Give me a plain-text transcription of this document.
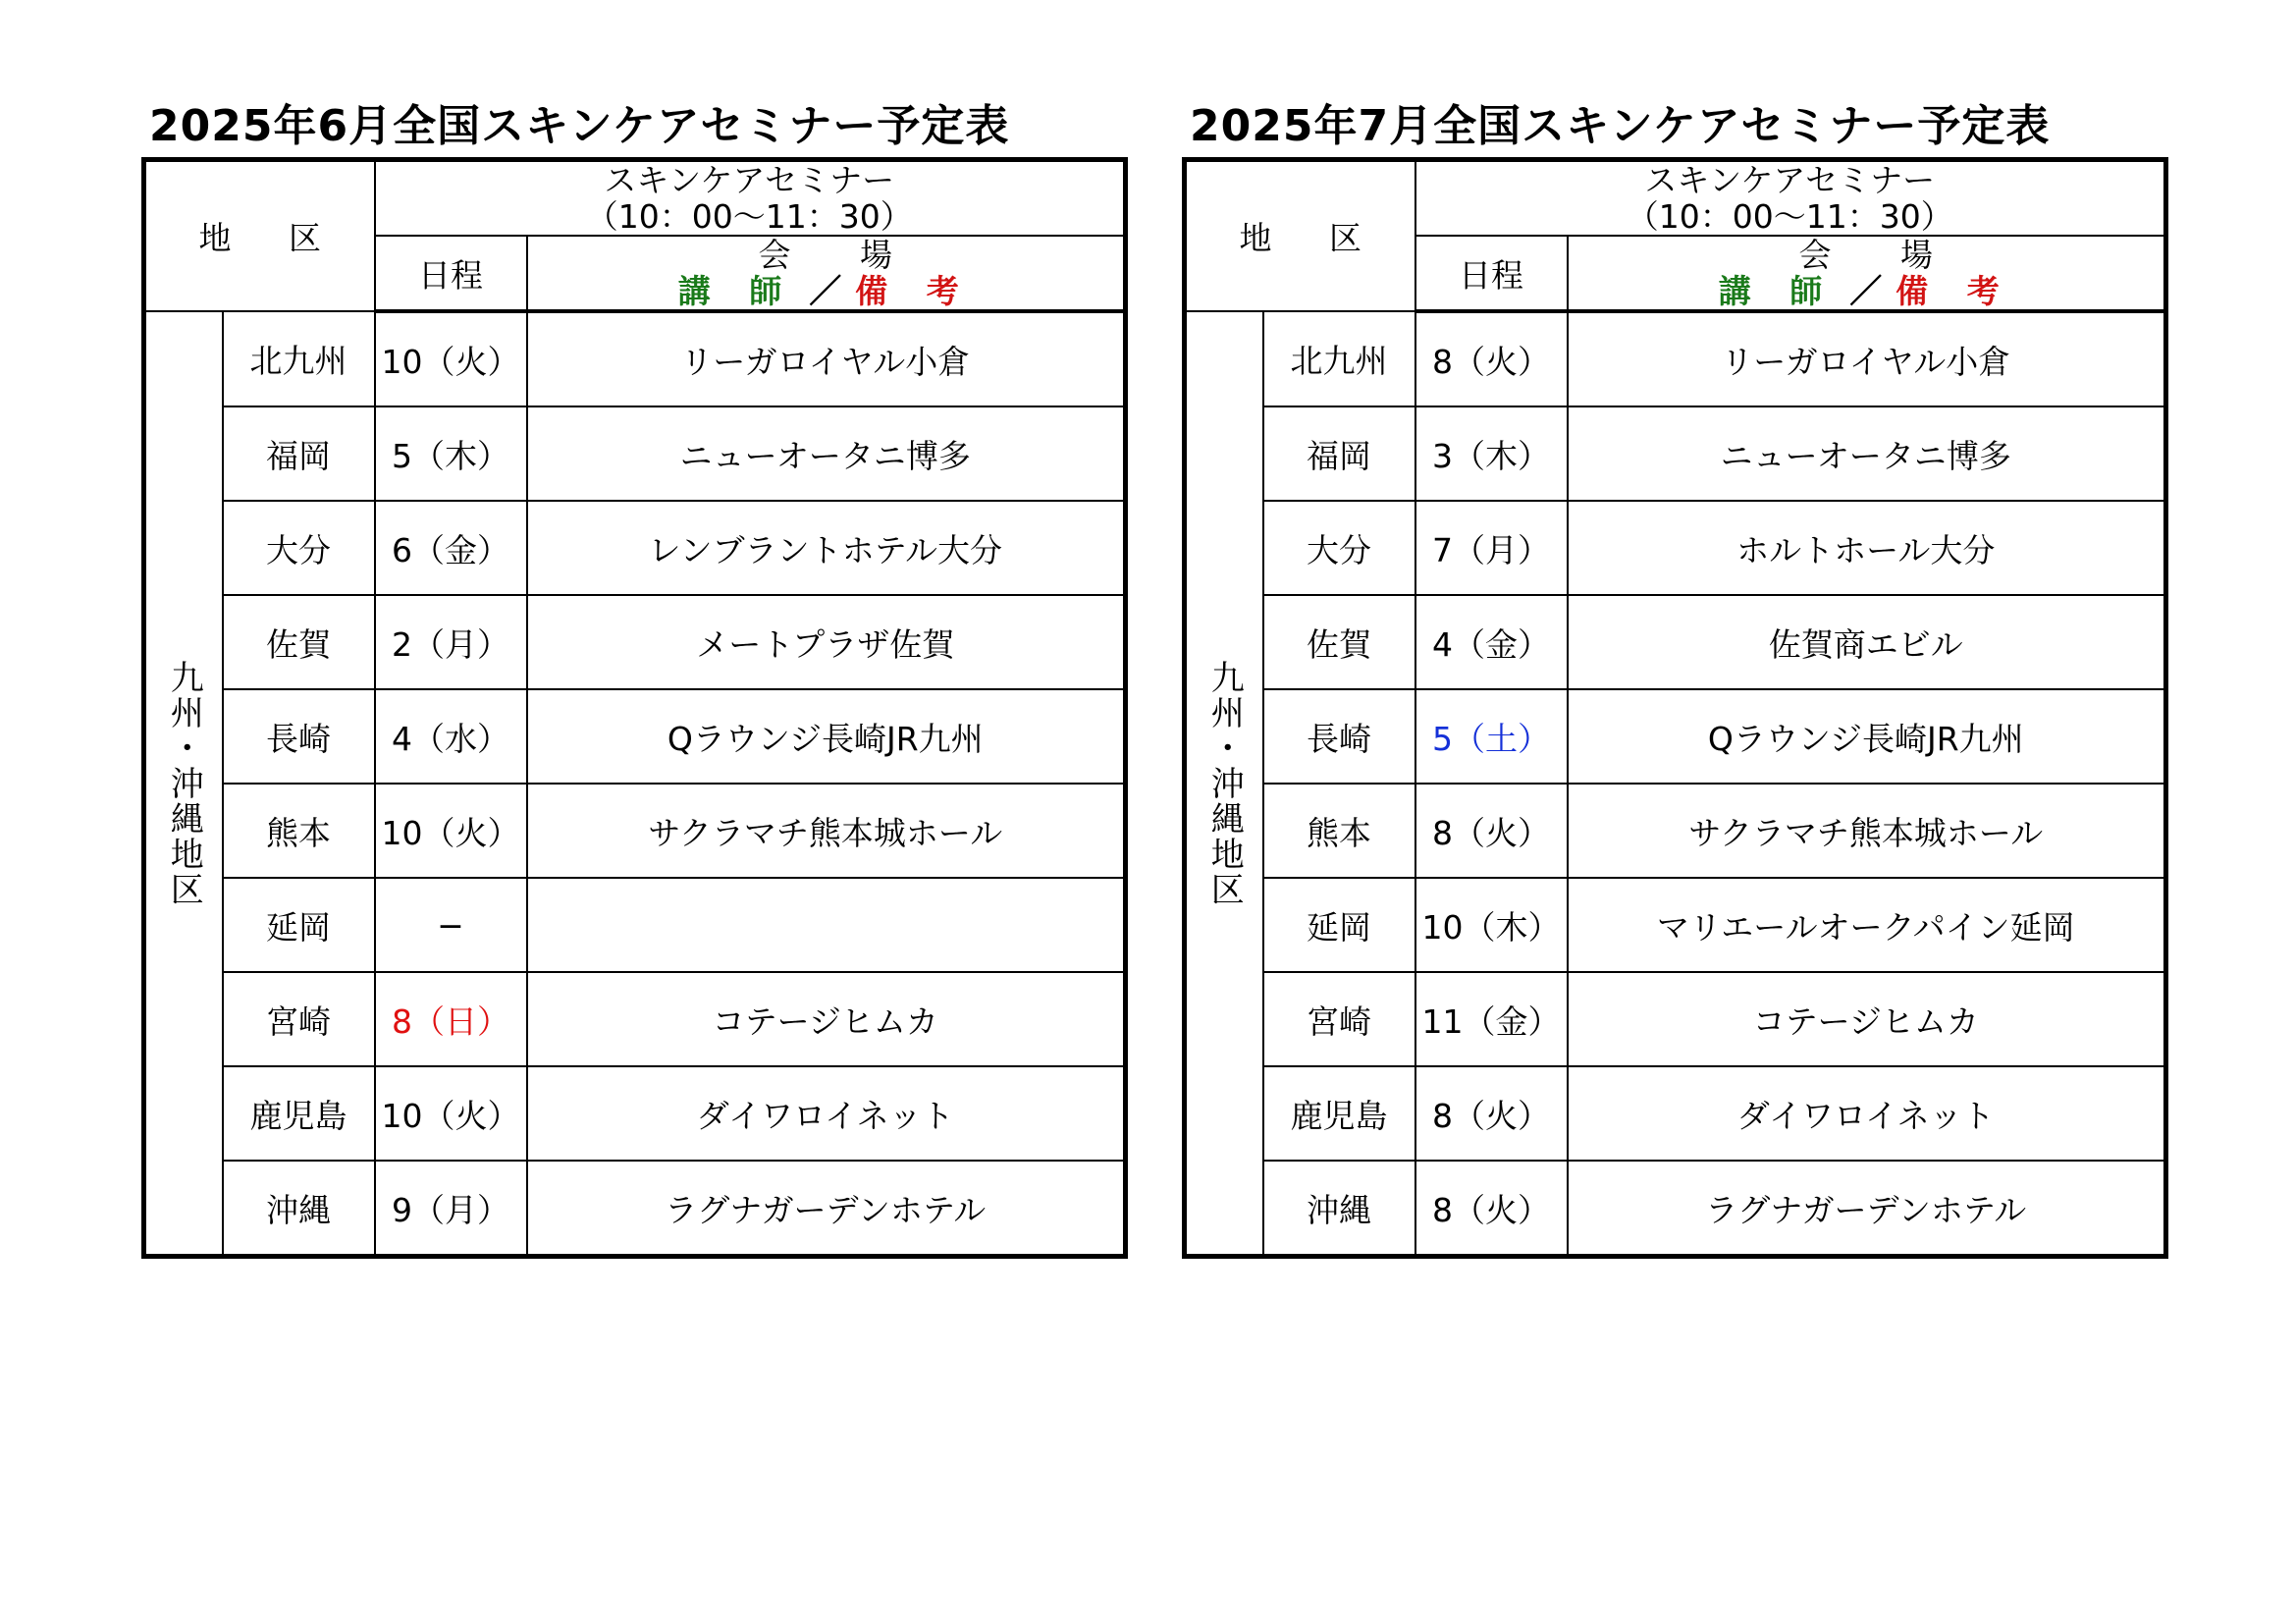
2025年6月全国スキンケアセミナー予定表
地 区		スキンケアセミナー
（10：00〜11：30）	

		日程	会 場
講 師 ／ 備 考

九州・沖縄地区	北九州	10（火）	リーガロイヤル小倉
	福岡	5（木）	ニューオータニ博多
	大分	6（金）	レンブラントホテル大分
	佐賀	2（月）	メートプラザ佐賀
	長崎	4（水）	Qラウンジ長崎JR九州
	熊本	10（火）	サクラマチ熊本城ホール
	延岡	−	
	宮崎	8（日）	コテージヒムカ
	鹿児島	10（火）	ダイワロイネット
	沖縄	9（月）	ラグナガーデンホテル
2025年7月全国スキンケアセミナー予定表
地 区		スキンケアセミナー
（10：00〜11：30）	

		日程	会 場
講 師 ／ 備 考

九州・沖縄地区	北九州	8（火）	リーガロイヤル小倉
	福岡	3（木）	ニューオータニ博多
	大分	7（月）	ホルトホール大分
	佐賀	4（金）	佐賀商エビル
	長崎	5（土）	Qラウンジ長崎JR九州
	熊本	8（火）	サクラマチ熊本城ホール
	延岡	10（木）	マリエールオークパイン延岡
	宮崎	11（金）	コテージヒムカ
	鹿児島	8（火）	ダイワロイネット
	沖縄	8（火）	ラグナガーデンホテル
